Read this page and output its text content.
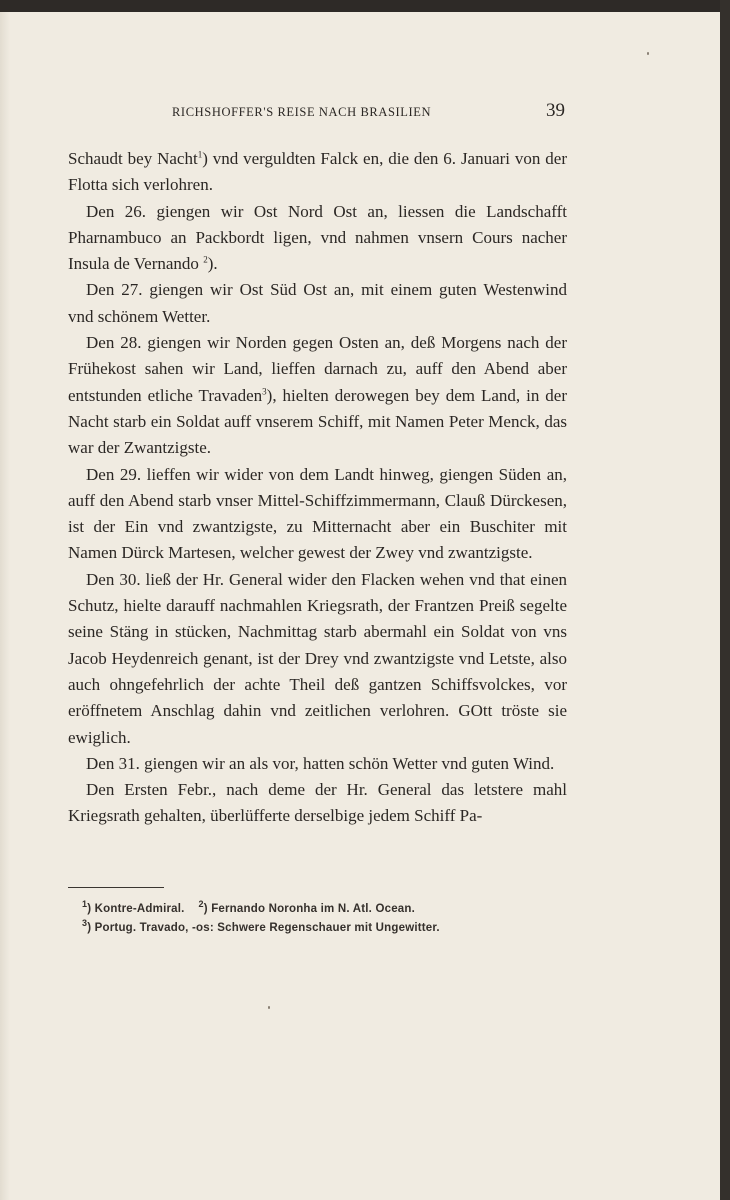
RICHSHOFFER'S REISE NACH BRASILIEN	39

Schaudt bey Nacht$^1$) vnd verguldten Falck en, die den 6. Januari von der Flotta sich verlohren.

Den 26. giengen wir Ost Nord Ost an, liessen die Landschafft Pharnambuco an Packbordt ligen, vnd nahmen vnsern Cours nacher Insula de Vernando $^2$).

Den 27. giengen wir Ost Süd Ost an, mit einem guten Westenwind vnd schönem Wetter.

Den 28. giengen wir Norden gegen Osten an, deß Morgens nach der Frühekost sahen wir Land, lieffen darnach zu, auff den Abend aber entstunden etliche Travaden$^3$), hielten derowegen bey dem Land, in der Nacht starb ein Soldat auff vnserem Schiff, mit Namen Peter Menck, das war der Zwantzigste.

Den 29. lieffen wir wider von dem Landt hinweg, giengen Süden an, auff den Abend starb vnser Mittel-Schiffzimmermann, Clauß Dürckesen, ist der Ein vnd zwantzigste, zu Mitternacht aber ein Buschiter mit Namen Dürck Martesen, welcher gewest der Zwey vnd zwantzigste.

Den 30. ließ der Hr. General wider den Flacken wehen vnd that einen Schutz, hielte darauff nachmahlen Kriegsrath, der Frantzen Preiß segelte seine Stäng in stücken, Nachmittag starb abermahl ein Soldat von vns Jacob Heydenreich genant, ist der Drey vnd zwantzigste vnd Letste, also auch ohngefehrlich der achte Theil deß gantzen Schiffsvolckes, vor eröffnetem Anschlag dahin vnd zeitlichen verlohren. GOtt tröste sie ewiglich.

Den 31. giengen wir an als vor, hatten schön Wetter vnd guten Wind.

Den Ersten Febr., nach deme der Hr. General das letstere mahl Kriegsrath gehalten, überlüfferte derselbige jedem Schiff Pa-

$^1$) Kontre-Admiral. $^2$) Fernando Noronha im N. Atl. Ocean.
$^3$) Portug. Travado, -os: Schwere Regenschauer mit Ungewitter.
